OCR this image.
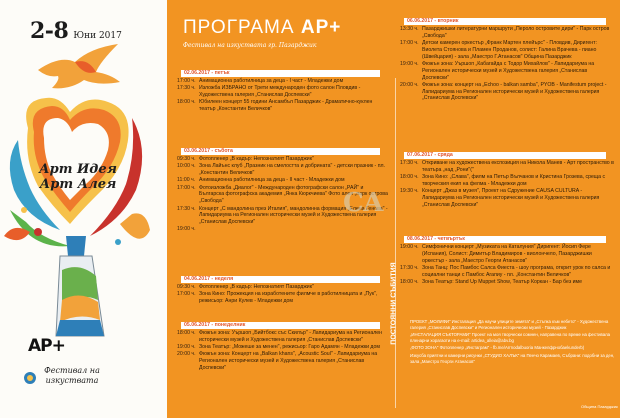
2-8 Юни 2017
Арт Идея
Арт Алея
AP+
Фестивал на изкуствата
ПРОГРАМА AP+
Фестивал на изкуствата гр. Пазарджик
02.06.2017 - петък
17:00 ч. Анимационна работилница за деца - I част - Младежки дом
17:30 ч. Изложба ИЗБРАНО от Трети международен фото салон Пловдив - Художествена галерия „Станислав Доспевски"
18:00 ч. Юбилеен концерт 55 години Ансамбъл Пазарджик - Драматично-куклен театър „Константин Величков"
03.06.2017 - събота
09:30 ч. Фотопленер „В кадър: Непознатият Пазарджик"
10:00 ч. Зона Лайънс клуб „Празник на смелостта и добрината" - детски празник - пл. „Константин Величков"
11:00 ч. Анимационна работилница за деца - II част - Младежки дом
17:00 ч. Фотоизложба „Диалог" - Международен фотографски салон „РАЙ" и Българска фотографска академия „Янка Кюркчиева" Фото алея „парк острова „Свобода"
17:30 ч. Концерт „С мандолина през Италия", мандолинна формация „Елена Генова" - Лапидариума на Регионален исторически музей и Художествена галерия „Станислав Доспевски"
19:00 ч.
04.06.2017 - неделя
09:30 ч. Фотопленер „В кадър: Непознатият Пазарджик"
17:00 ч. Зона Кино: Прожекция на изработените филмче в работилницата и „Пук", режисьор: Анри Кулев - Младежки дом
05.06.2017 - понеделник
18:00 ч. Фюжън зона: Уършоп „Бийтбокс със Скилър" - Лапидариума на Регионален исторически музей и Художествена галерия „Станислав Доспевски"
19:00 ч. Зона Театър: „Можеше за менен", режисьор: Гаро Адамян - Младежки дом
20:00 ч. Фюжън зона: Концерт на „Balkan khans", „Acoustic Soul" - Лапидариума на Регионален исторически музей и Художествена галерия „Станислав Доспевски"
СА
ПОСТОЯННИ СЪБИТИЯ
06.06.2017 - вторник
13:30 ч. Пазарджишки литературни маршрути „Пероло островите дири" - Парк остров „Свобода"
17:00 ч. Детски камерен оркестър „Франк Мартен плейърс" - Пловдив, Диригент: Виолета Стоянова и Пламен Проданов, солист: Галина Врачева - пиано (Швейцария) - зала „Маестро Г.Атанасов" Община Пазарджик
19:00 ч. Фюжън зона: Уършоп „Кабагайда с Тодор Михайлов" - Лапидариума на Регионален исторически музей и Художествена галерия „Станислав Доспевски"
20:00 ч. Фюжън зона: концерт на „Echoo - balkan samba", PYOB - Manifestum project - Лапидариума на Регионален исторически музей и Художествена галерия „Станислав Доспевски"
07.06.2017 - сряда
17:30 ч. Откриване на художествена експозиция на Никола Манев - Арт пространство в театъра „над „Рони"("
18:00 ч. Зона Кино: „Слава", филм на Петър Вълчанов и Кристина Грозева, среща с творческия екип на фелма - Младежки дом
19:30 ч. Концерт „Джаз в музея", Проект на Сдружение CAUSA CULTURA - Лапидариума на Регионален исторически музей и Художествена галерия „Станислав Доспевски"
08.06.2017 - четвъртък
19:00 ч. Симфонични концерт „Музиката на Каталуния" Диригент: Йосип Фере (Испания), Солист: Димитър Владимиров - виолончело, Пазарджишки оркестър - зала „Маестро Георги Атанасов"
17:30 ч. Зона Танц: Пос Памбос Салса Фиеста - шоу програма, открит урок по салса и социални танци с Памбос Агапиу - пл. „Константин Величков"
18:00 ч. Зона Театър: Stand Up Muppet Show, Театър Коркан - Бар без име

ПРОЕКТ „МОЛИФИ" Инсталация „Да научи улиците земята" и „Стъпка към небето" - Художествена галерия „Станислав Доспевски" и Регионален исторически музей - Пазарджик

„ИНСТАЛАЦИЯ СЪКТОРАМИ" Проект на моя творчески сомнен, направена по време на фестивала пленарни хорагаоти на е-mail: artidea_alleia@abv.bg

„ФОТО ЗОНА" Фотопленер „Инстаграм" - fb.me/Arrnodalbuoria Манкелфрнобаеkunderb)

Изкусба приятни и камерни рисунки „СТУДИО ХАЛЪК" на Пенчо Карамаев, Събрани: подобни за ден, зала „Маестро Георги Атанасов"

Община Пазарджик
